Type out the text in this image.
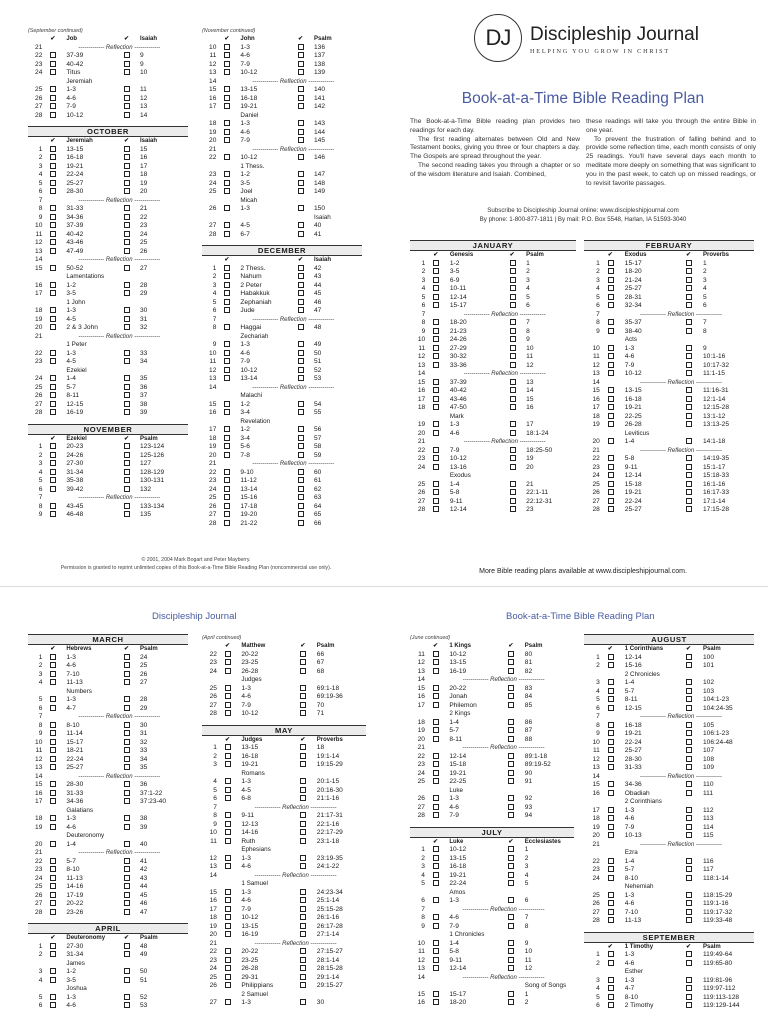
DJ	Discipleship Journal
HELPING YOU GROW IN CHRIST
Book-at-a-Time Bible Reading Plan

The Book-at-a-Time Bible reading plan provides two readings for each day.

The first reading alternates between Old and New Testament books, giving you three or four chapters a day. The Gospels are spread throughout the year.

The second reading takes you through a chapter or so of the wisdom literature and Isaiah. Combined,

these readings will take you through the entire Bible in one year.

To prevent the frustration of falling behind and to provide some reflection time, each month consists of only 25 readings. You'll have several days each month to meditate more deeply on something that was significant to you in the past week, to catch up on missed readings, or to revisit favorite passages.

Subscribe to Discipleship Journal online: www.discipleshipjournal.com
By phone: 1-800-877-1811 | By mail: P.O. Box 5548, Harlan, IA 51593-3040
(September continued)
	✔	Job	✔	Isaiah
21	------------- Reflection -------------			
22		37-39		9
23		40-42		9
24		Titus		10
		Jeremiah		
25		1-3		11
26		4-6		12
27		7-9		13
28		10-12		14
OCTOBER
	✔	Jeremiah	✔	Isaiah
1		13-15		15
2		16-18		16
3		19-21		17
4		22-24		18
5		25-27		19
6		28-30		20
7	------------- Reflection -------------			
8		31-33		21
9		34-36		22
10		37-39		23
11		40-42		24
12		43-46		25
13		47-49		26
14	------------- Reflection -------------			
15		50-52		27
		Lamentations		
16		1-2		28
17		3-5		29
		1 John		
18		1-3		30
19		4-5		31
20		2 & 3 John		32
21	------------- Reflection -------------			
		1 Peter		
22		1-3		33
23		4-5		34
		Ezekiel		
24		1-4		35
25		5-7		36
26		8-11		37
27		12-15		38
28		16-19		39
NOVEMBER
	✔	Ezekiel	✔	Psalm
1		20-23		123-124
2		24-26		125-126
3		27-30		127
4		31-34		128-129
5		35-38		130-131
6		39-42		132
7	------------- Reflection -------------			
8		43-45		133-134
9		46-48		135
(November continued)
	✔	John	✔	Psalm
10		1-3		136
11		4-6		137
12		7-9		138
13		10-12		139
14	------------- Reflection -------------			
15		13-15		140
16		16-18		141
17		19-21		142
		Daniel		
18		1-3		143
19		4-6		144
20		7-9		145
21	------------- Reflection -------------			
22		10-12		146
		1 Thess.		
23		1-2		147
24		3-5		148
25		Joel		149
		Micah		
26		1-3		150
				Isaiah
27		4-5		40
28		6-7		41
DECEMBER
	✔		✔	Isaiah
1		2 Thess.		42
2		Nahum		43
3		2 Peter		44
4		Habakkuk		45
5		Zephaniah		46
6		Jude		47
7	------------- Reflection -------------			
8		Haggai		48
		Zechariah		
9		1-3		49
10		4-6		50
11		7-9		51
12		10-12		52
13		13-14		53
14	------------- Reflection -------------			
		Malachi		
15		1-2		54
16		3-4		55
		Revelation		
17		1-2		56
18		3-4		57
19		5-6		58
20		7-8		59
21	------------- Reflection -------------			
22		9-10		60
23		11-12		61
24		13-14		62
25		15-16		63
26		17-18		64
27		19-20		65
28		21-22		66
JANUARY
	✔	Genesis	✔	Psalm
1		1-2		1
2		3-5		2
3		6-9		3
4		10-11		4
5		12-14		5
6		15-17		6
7	------------- Reflection -------------			
8		18-20		7
9		21-23		8
10		24-26		9
11		27-29		10
12		30-32		11
13		33-36		12
14	------------- Reflection -------------			
15		37-39		13
16		40-42		14
17		43-46		15
18		47-50		16
		Mark		
19		1-3		17
20		4-6		18:1-24
21	------------- Reflection -------------			
22		7-9		18:25-50
23		10-12		19
24		13-16		20
		Exodus		
25		1-4		21
26		5-8		22:1-11
27		9-11		22:12-31
28		12-14		23
FEBRUARY
	✔	Exodus	✔	Proverbs
1		15-17		1
2		18-20		2
3		21-24		3
4		25-27		4
5		28-31		5
6		32-34		6
7	------------- Reflection -------------			
8		35-37		7
9		38-40		8
		Acts		
10		1-3		9
11		4-6		10:1-16
12		7-9		10:17-32
13		10-12		11:1-15
14	------------- Reflection -------------			
15		13-15		11:16-31
16		16-18		12:1-14
17		19-21		12:15-28
18		22-25		13:1-12
19		26-28		13:13-25
		Leviticus		
20		1-4		14:1-18
21	------------- Reflection -------------			
22		5-8		14:19-35
23		9-11		15:1-17
24		12-14		15:18-33
25		15-18		16:1-16
26		19-21		16:17-33
27		22-24		17:1-14
28		25-27		17:15-28
MARCH
	✔	Hebrews	✔	Psalm
1		1-3		24
2		4-6		25
3		7-10		26
4		11-13		27
		Numbers		
5		1-3		28
6		4-7		29
7	------------- Reflection -------------			
8		8-10		30
9		11-14		31
10		15-17		32
11		18-21		33
12		22-24		34
13		25-27		35
14	------------- Reflection -------------			
15		28-30		36
16		31-33		37:1-22
17		34-36		37:23-40
		Galatians		
18		1-3		38
19		4-6		39
		Deuteronomy		
20		1-4		40
21	------------- Reflection -------------			
22		5-7		41
23		8-10		42
24		11-13		43
25		14-16		44
26		17-19		45
27		20-22		46
28		23-26		47
APRIL
	✔	Deuteronomy	✔	Psalm
1		27-30		48
2		31-34		49
		James		
3		1-2		50
4		3-5		51
		Joshua		
5		1-3		52
6		4-6		53
(April continued)
	✔	Matthew	✔	Psalm
22		20-22		66
23		23-25		67
24		26-28		68
		Judges		
25		1-3		69:1-18
26		4-6		69:19-36
27		7-9		70
28		10-12		71
MAY
	✔	Judges	✔	Proverbs
1		13-15		18
2		16-18		19:1-14
3		19-21		19:15-29
		Romans		
4		1-3		20:1-15
5		4-5		20:16-30
6		6-8		21:1-16
7	------------- Reflection -------------			
8		9-11		21:17-31
9		12-13		22:1-16
10		14-16		22:17-29
11		Ruth		23:1-18
		Ephesians		
12		1-3		23:19-35
13		4-6		24:1-22
14	------------- Reflection -------------			
		1 Samuel		
15		1-3		24:23-34
16		4-6		25:1-14
17		7-9		25:15-28
18		10-12		26:1-16
19		13-15		26:17-28
20		16-19		27:1-14
21	------------- Reflection -------------			
22		20-22		27:15-27
23		23-25		28:1-14
24		26-28		28:15-28
25		29-31		29:1-14
26		Philippians		29:15-27
		2 Samuel		
27		1-3		30
(June continued)
	✔	1 Kings	✔	Psalm
11		10-12		80
12		13-15		81
13		16-19		82
14	------------- Reflection -------------			
15		20-22		83
16		Jonah		84
17		Philemon		85
		2 Kings		
18		1-4		86
19		5-7		87
20		8-11		88
21	------------- Reflection -------------			
22		12-14		89:1-18
23		15-18		89:19-52
24		19-21		90
25		22-25		91
		Luke		
26		1-3		92
27		4-6		93
28		7-9		94
JULY
	✔	Luke	✔	Ecclesiastes
1		10-12		1
2		13-15		2
3		16-18		3
4		19-21		4
5		22-24		5
		Amos		
6		1-3		6
7	------------- Reflection -------------			
8		4-6		7
9		7-9		8
		1 Chronicles		
10		1-4		9
11		5-8		10
12		9-11		11
13		12-14		12
14	------------- Reflection -------------			
				Song of Songs
15		15-17		1
16		18-20		2
AUGUST
	✔	1 Corinthians	✔	Psalm
1		12-14		100
2		15-16		101
		2 Chronicles		
3		1-4		102
4		5-7		103
5		8-11		104:1-23
6		12-15		104:24-35
7	------------- Reflection -------------			
8		16-18		105
9		19-21		106:1-23
10		22-24		106:24-48
11		25-27		107
12		28-30		108
13		31-33		109
14	------------- Reflection -------------			
15		34-36		110
16		Obadiah		111
		2 Corinthians		
17		1-3		112
18		4-6		113
19		7-9		114
20		10-13		115
21	------------- Reflection -------------			
		Ezra		
22		1-4		116
23		5-7		117
24		8-10		118:1-14
		Nehemiah		
25		1-3		118:15-29
26		4-6		119:1-16
27		7-10		119:17-32
28		11-13		119:33-48
SEPTEMBER
	✔	1 Timothy	✔	Psalm
1		1-3		119:49-64
2		4-6		119:65-80
		Esther		
3		1-3		119:81-96
4		4-7		119:97-112
5		8-10		119:113-128
6		2 Timothy		119:129-144
© 2001, 2004 Mark Bogart and Peter Mayberry.
Permission is granted to reprint unlimited copies of this Book-at-a-Time Bible Reading Plan (noncommercial use only).
More Bible reading plans available at www.discipleshipjournal.com.
Discipleship Journal	Book-at-a-Time Bible Reading Plan
